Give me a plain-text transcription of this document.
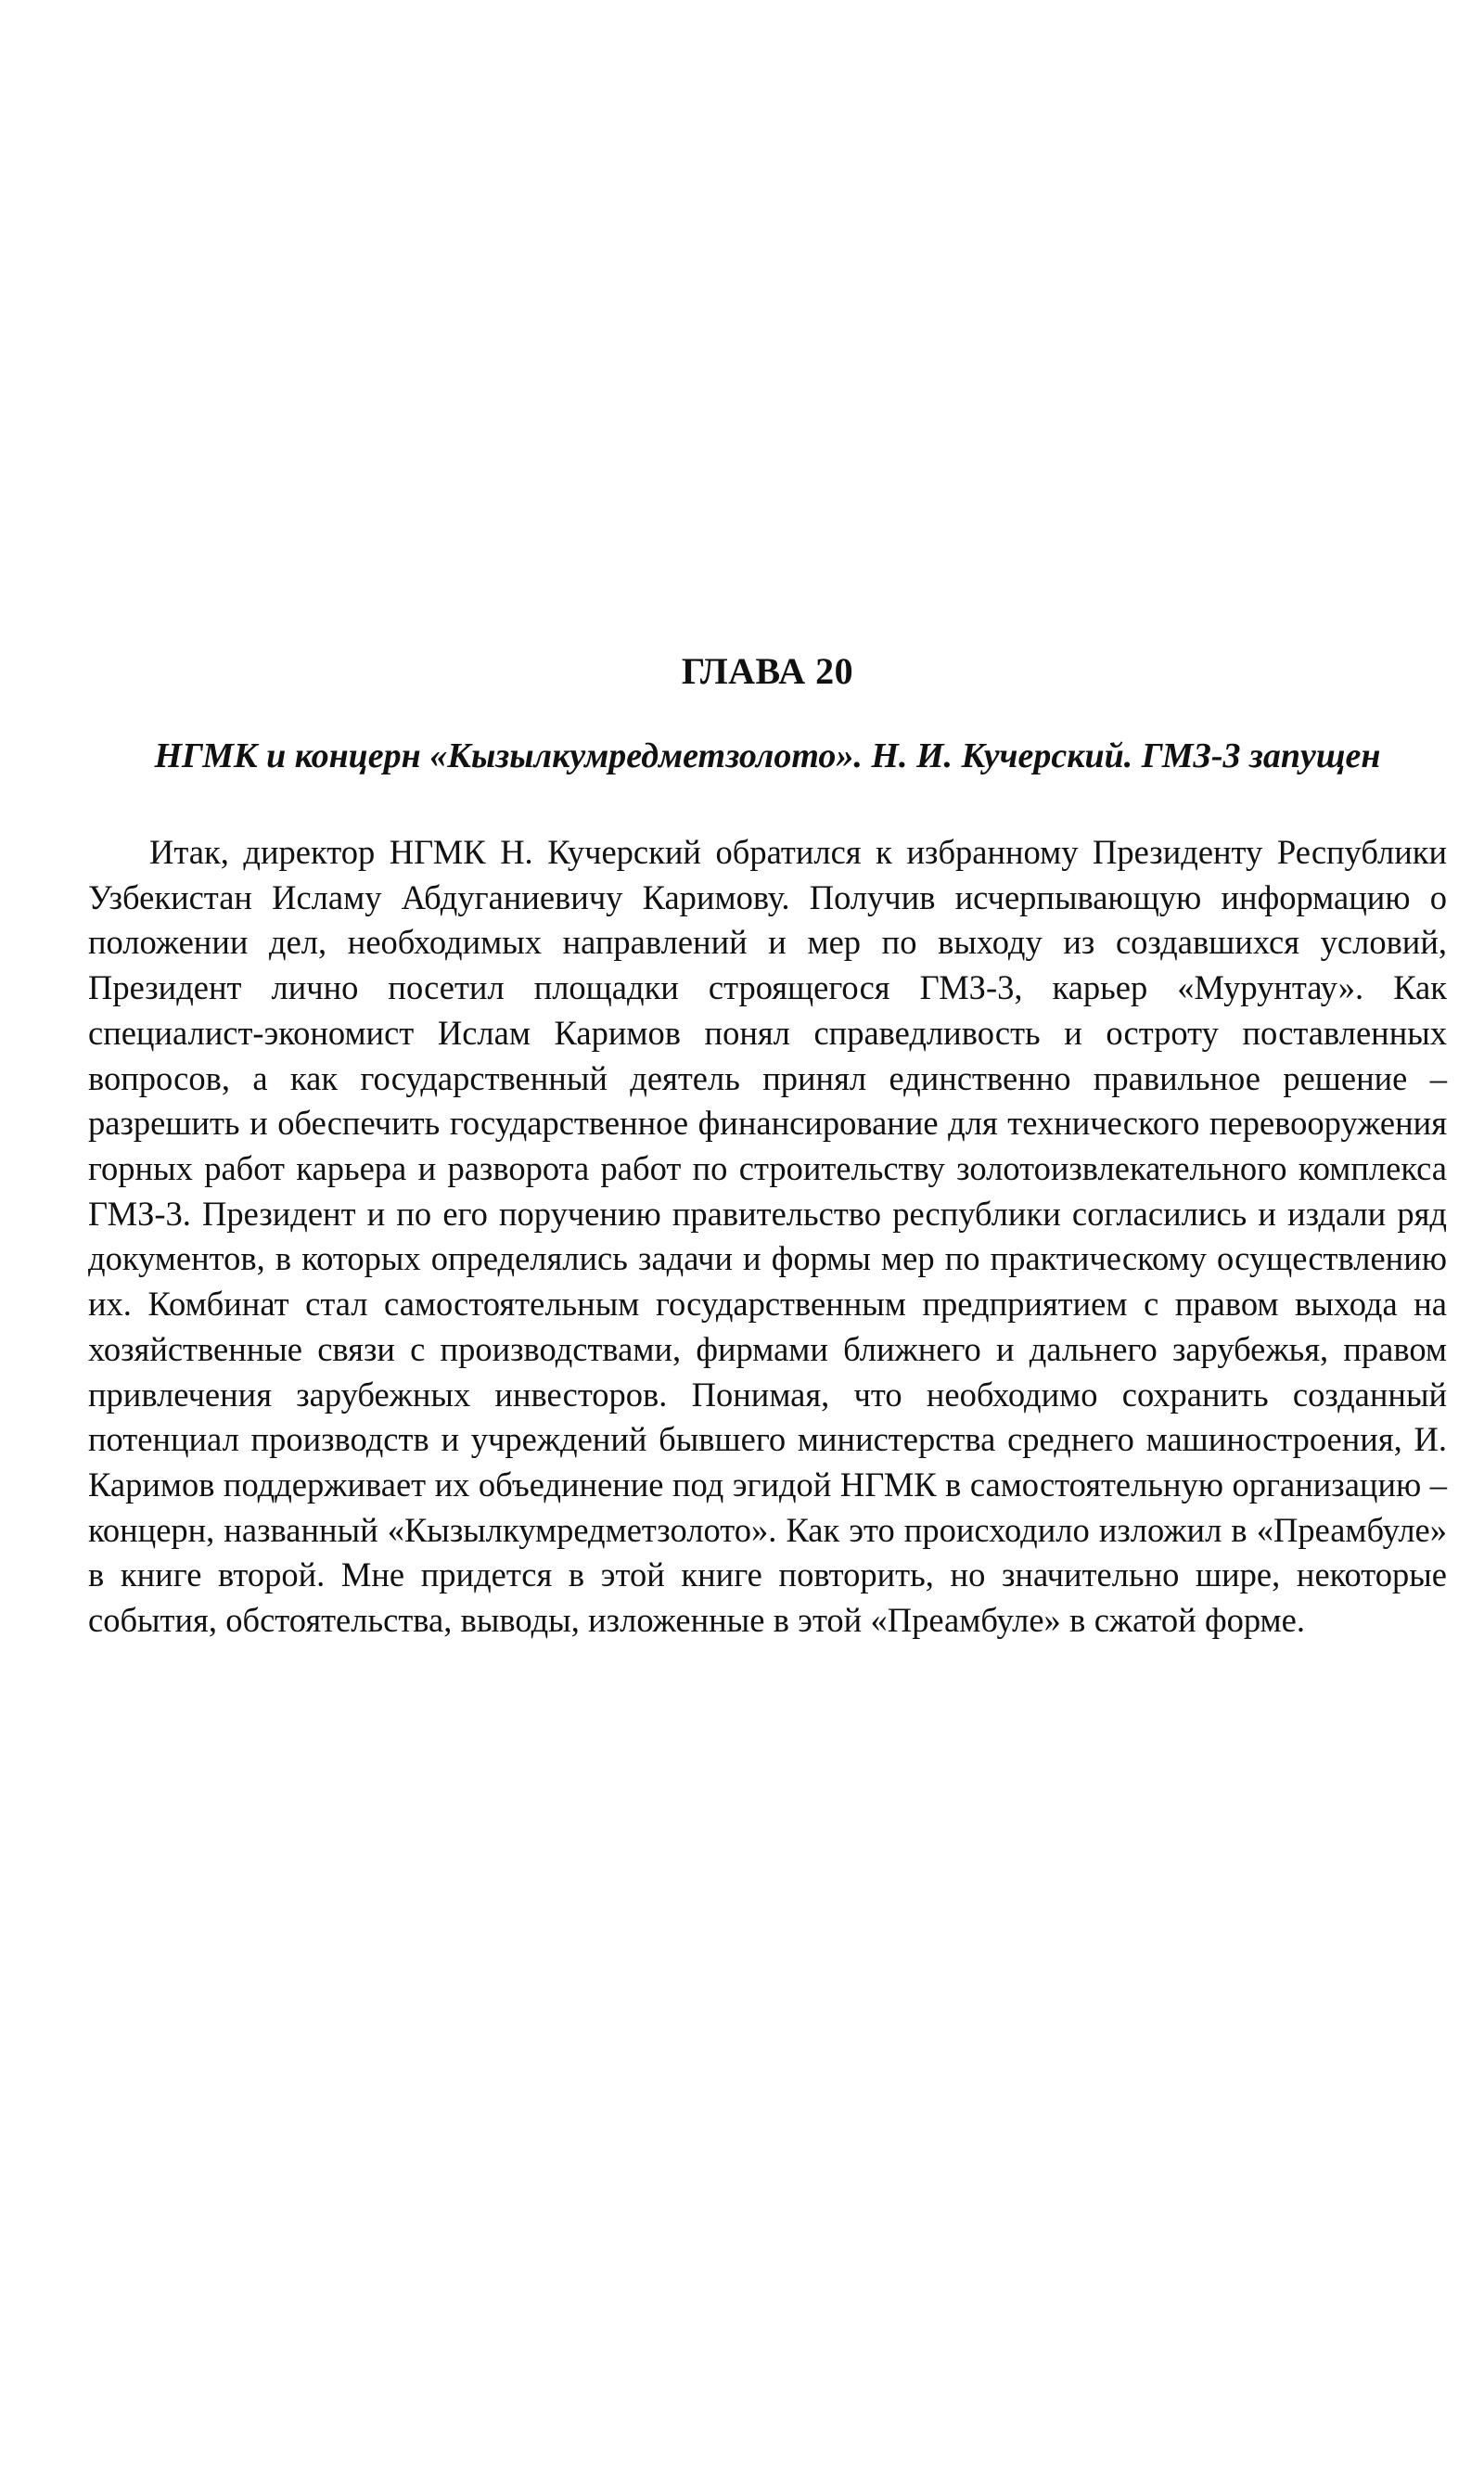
ГЛАВА 20
НГМК и концерн «Кызылкумредметзолото». Н. И. Кучерский. ГМЗ-3 запущен

Итак, директор НГМК Н. Кучерский обратился к избранному Президенту Республики Узбекистан Исламу Абдуганиевичу Каримову. Получив исчерпывающую информацию о положении дел, необходимых направлений и мер по выходу из создавшихся условий, Президент лично посетил площадки строящегося ГМЗ-3, карьер «Мурунтау». Как специалист-экономист Ислам Каримов понял справедливость и остроту поставленных вопросов, а как государственный деятель принял единственно правильное решение – разрешить и обеспечить государственное финансирование для технического перевооружения горных работ карьера и разворота работ по строительству золотоизвлекательного комплекса ГМЗ-3. Президент и по его поручению правительство республики согласились и издали ряд документов, в которых определялись задачи и формы мер по практическому осуществлению их. Комбинат стал самостоятельным государственным предприятием с правом выхода на хозяйственные связи с производствами, фирмами ближнего и дальнего зарубежья, правом привлечения зарубежных инвесторов. Понимая, что необходимо сохранить созданный потенциал производств и учреждений бывшего министерства среднего машиностроения, И. Каримов поддерживает их объединение под эгидой НГМК в самостоятельную организацию – концерн, названный «Кызылкумредметзолото». Как это происходило изложил в «Преамбуле» в книге второй. Мне придется в этой книге повторить, но значительно шире, некоторые события, обстоятельства, выводы, изложенные в этой «Преамбуле» в сжатой форме.
